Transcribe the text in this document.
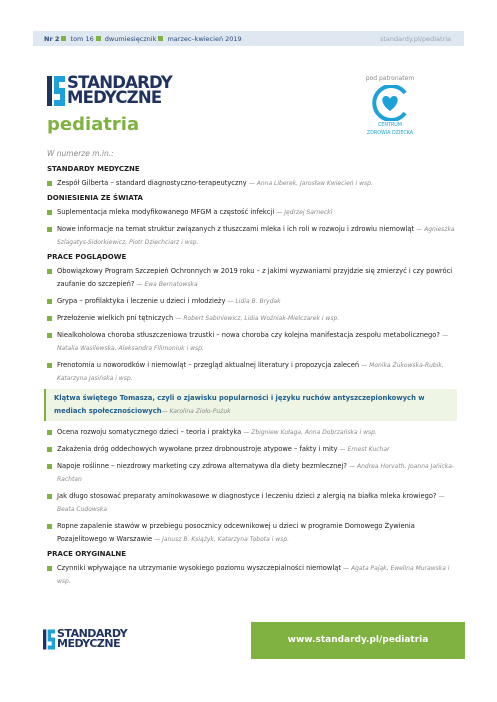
Nr 2 tom 16 dwumiesięcznik marzec–kwiecień 2019	standardy.pl/pediatria
STANDARDY
MEDYCZNE
pediatria
pod patronatem
CENTRUM
ZDROWIA DZIECKA
W numerze m.in.:
STANDARDY MEDYCZNE
Zespół Gilberta – standard diagnostyczno-terapeutyczny — Anna Liberek, Jarosław Kwiecień i wsp.
DONIESIENIA ZE ŚWIATA
Suplementacja mleka modyfikowanego MFGM a częstość infekcji — Jędrzej Sarnecki
Nowe informacje na temat struktur związanych z tłuszczami mleka i ich roli w rozwoju i zdrowiu niemowląt — Agnieszka Szlagatys-Sidorkiewicz, Piotr Dziechciarz i wsp.
PRACE POGLĄDOWE
Obowiązkowy Program Szczepień Ochronnych w 2019 roku – z jakimi wyzwaniami przyjdzie się zmierzyć i czy powróci zaufanie do szczepień? — Ewa Bernatowska
Grypa – profilaktyka i leczenie u dzieci i młodzieży — Lidia B. Brydak
Przełożenie wielkich pni tętniczych — Robert Sabiniewicz, Lidia Woźniak-Mielczarek i wsp.
Niealkoholowa choroba stłuszczeniowa trzustki – nowa choroba czy kolejna manifestacja zespołu metabolicznego? — Natalia Wasilewska, Aleksandra Filimoniuk i wsp.
Frenotomia u noworodków i niemowląt – przegląd aktualnej literatury i propozycja zaleceń — Monika Żukowska-Rubik, Katarzyna Jasińska i wsp.
Klątwa świętego Tomasza, czyli o zjawisku popularności i języku ruchów antyszczepionkowych w mediach społecznościowych— Karolina Zioło-Pużuk
Ocena rozwoju somatycznego dzieci – teoria i praktyka — Zbigniew Kułaga, Anna Dobrzańska i wsp.
Zakażenia dróg oddechowych wywołane przez drobnoustroje atypowe – fakty i mity — Ernest Kuchar
Napoje roślinne – niezdrowy marketing czy zdrowa alternatywa dla diety bezmlecznej? — Andrea Horvath, Joanna Jańicka-Rachtan
Jak długo stosować preparaty aminokwasowe w diagnostyce i leczeniu dzieci z alergią na białka mleka krowiego? — Beata Cudowska
Ropne zapalenie stawów w przebiegu posocznicy odcewnikowej u dzieci w programie Domowego Żywienia Pozajelitowego w Warszawie — Janusz B. Książyk, Katarzyna Tobota i wsp.
PRACE ORYGINALNE
Czynniki wpływające na utrzymanie wysokiego poziomu wyszczepialności niemowląt — Agata Pająk, Ewelina Murawska i wsp.
STANDARDY
MEDYCZNE	www.standardy.pl/pediatria
